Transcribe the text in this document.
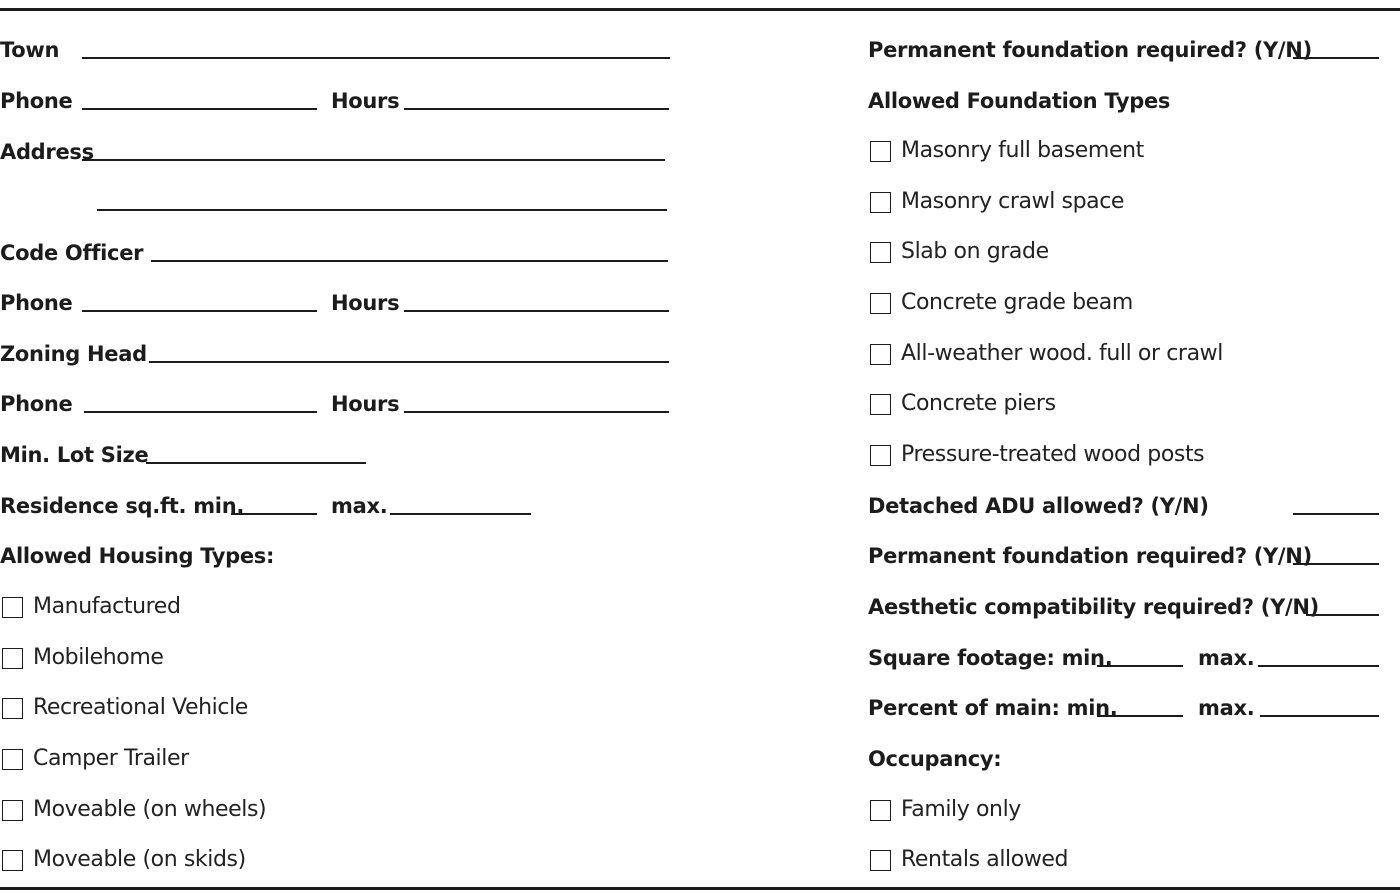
Town
Phone	Hours
Address
Code Officer
Phone	Hours
Zoning Head
Phone	Hours
Min. Lot Size
Residence sq.ft. min.	max.
Allowed Housing Types:
Manufactured
Mobilehome
Recreational Vehicle
Camper Trailer
Moveable (on wheels)
Moveable (on skids)
Permanent foundation required? (Y/N)
Allowed Foundation Types
Masonry full basement
Masonry crawl space
Slab on grade
Concrete grade beam
All-weather wood. full or crawl
Concrete piers
Pressure-treated wood posts
Detached ADU allowed? (Y/N)
Permanent foundation required? (Y/N)
Aesthetic compatibility required? (Y/N)
Square footage: min.	max.
Percent of main: min.	max.
Occupancy:
Family only
Rentals allowed
